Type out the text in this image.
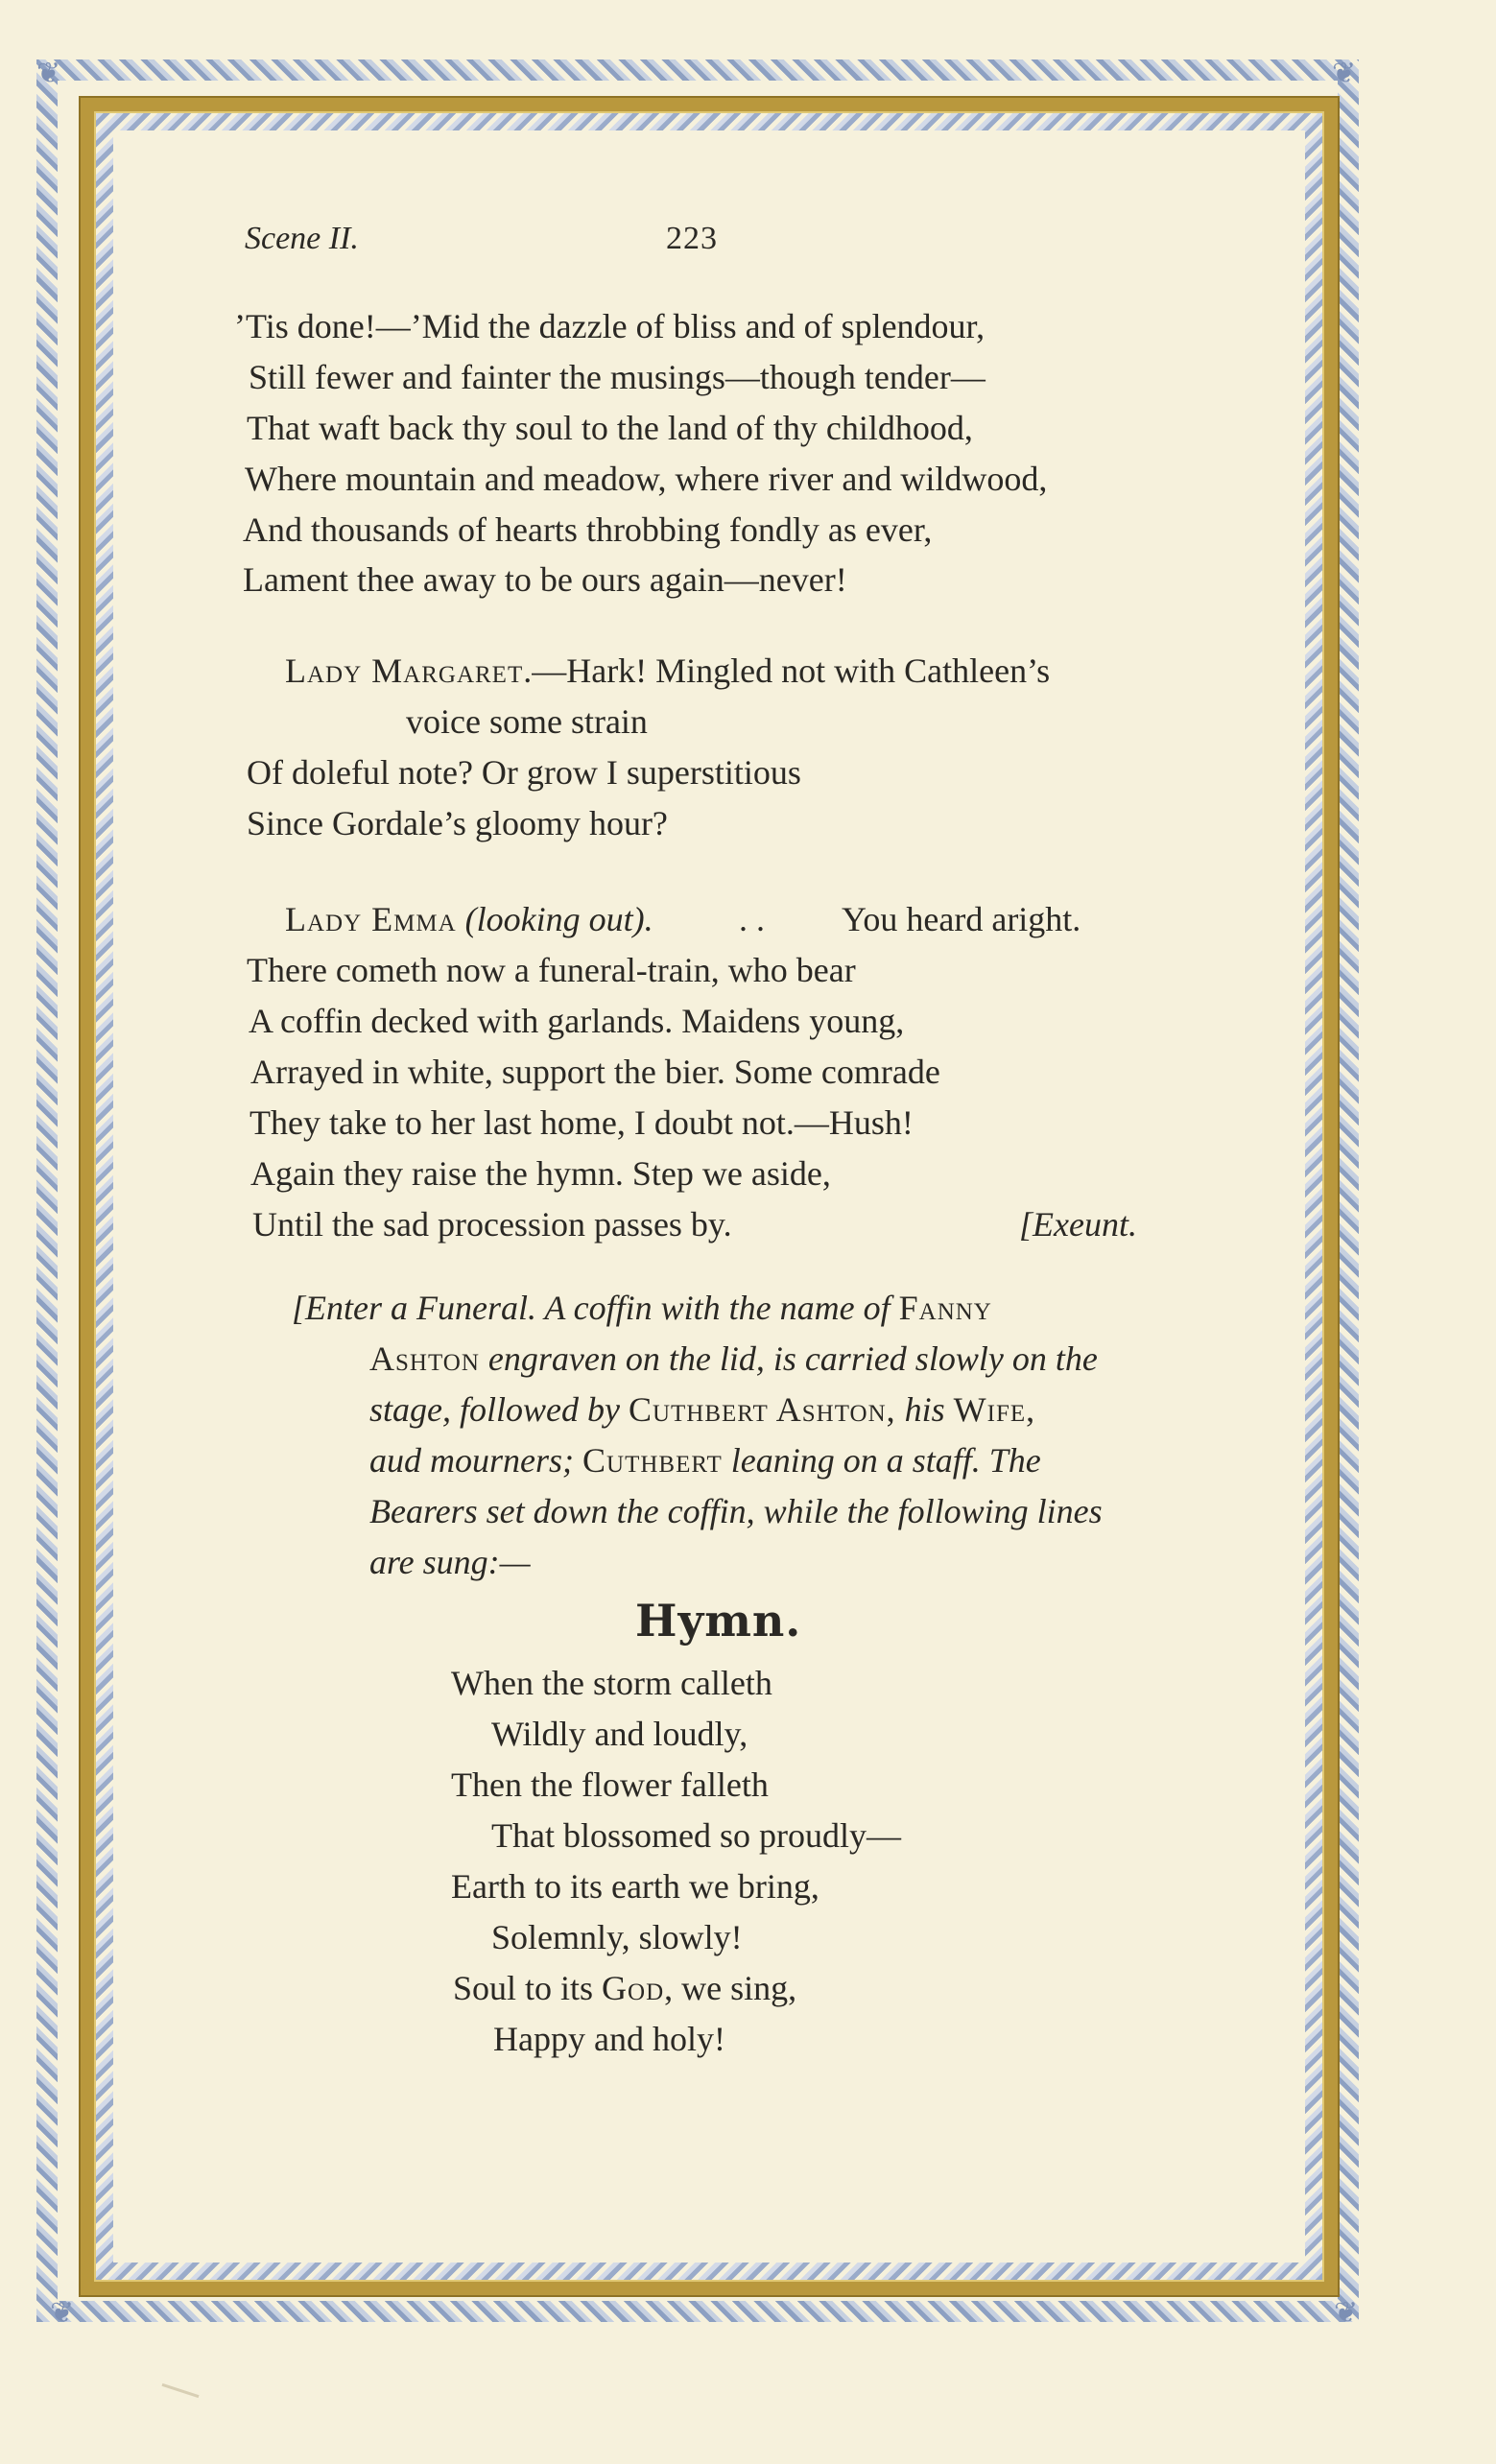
❦	❦
❦	❦
Scene II.	223
’Tis done!—’Mid the dazzle of bliss and of splendour,
Still fewer and fainter the musings—though tender—
That waft back thy soul to the land of thy childhood,
Where mountain and meadow, where river and wildwood,
And thousands of hearts throbbing fondly as ever,
Lament thee away to be ours again—never!
Lady Margaret.—Hark! Mingled not with Cathleen’s
voice some strain
Of doleful note? Or grow I superstitious
Since Gordale’s gloomy hour?
Lady Emma (looking out). . . You heard aright.
There cometh now a funeral-train, who bear
A coffin decked with garlands. Maidens young,
Arrayed in white, support the bier. Some comrade
They take to her last home, I doubt not.—Hush!
Again they raise the hymn. Step we aside,
Until the sad procession passes by.	[Exeunt.
[Enter a Funeral. A coffin with the name of Fanny
Ashton engraven on the lid, is carried slowly on the
stage, followed by Cuthbert Ashton, his Wife,
aud mourners; Cuthbert leaning on a staff. The
Bearers set down the coffin, while the following lines
are sung:—
Hymn.
When the storm calleth
Wildly and loudly,
Then the flower falleth
That blossomed so proudly—
Earth to its earth we bring,
Solemnly, slowly!
Soul to its God, we sing,
Happy and holy!
